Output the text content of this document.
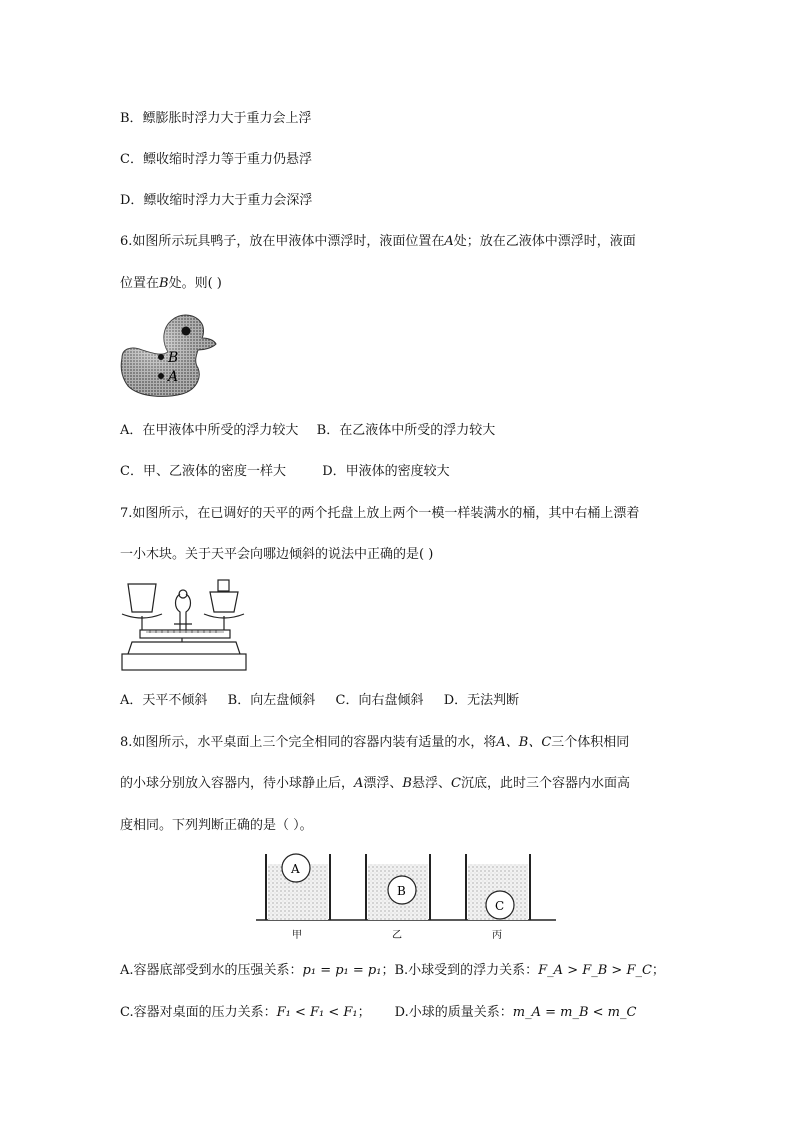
B．鳔膨胀时浮力大于重力会上浮
C．鳔收缩时浮力等于重力仍悬浮
D．鳔收缩时浮力大于重力会深浮
6.如图所示玩具鸭子，放在甲液体中漂浮时，液面位置在A处；放在乙液体中漂浮时，液面
位置在B处。则( )
B
A
A．在甲液体中所受的浮力较大 B．在乙液体中所受的浮力较大
C．甲、乙液体的密度一样大	D．甲液体的密度较大
7.如图所示，在已调好的天平的两个托盘上放上两个一模一样装满水的桶，其中右桶上漂着
一小木块。关于天平会向哪边倾斜的说法中正确的是( )
A．天平不倾斜 B．向左盘倾斜 C．向右盘倾斜 D．无法判断
8.如图所示，水平桌面上三个完全相同的容器内装有适量的水，将A、B、C三个体积相同
的小球分别放入容器内，待小球静止后，A漂浮、B悬浮、C沉底，此时三个容器内水面高
度相同。下列判断正确的是（ ）。
A
B
C
甲	乙	丙
A.容器底部受到水的压强关系：p₁ = p₁ = p₁；B.小球受到的浮力关系：F_A > F_B > F_C；
C.容器对桌面的压力关系：F₁ < F₁ < F₁； D.小球的质量关系：m_A = m_B < m_C
